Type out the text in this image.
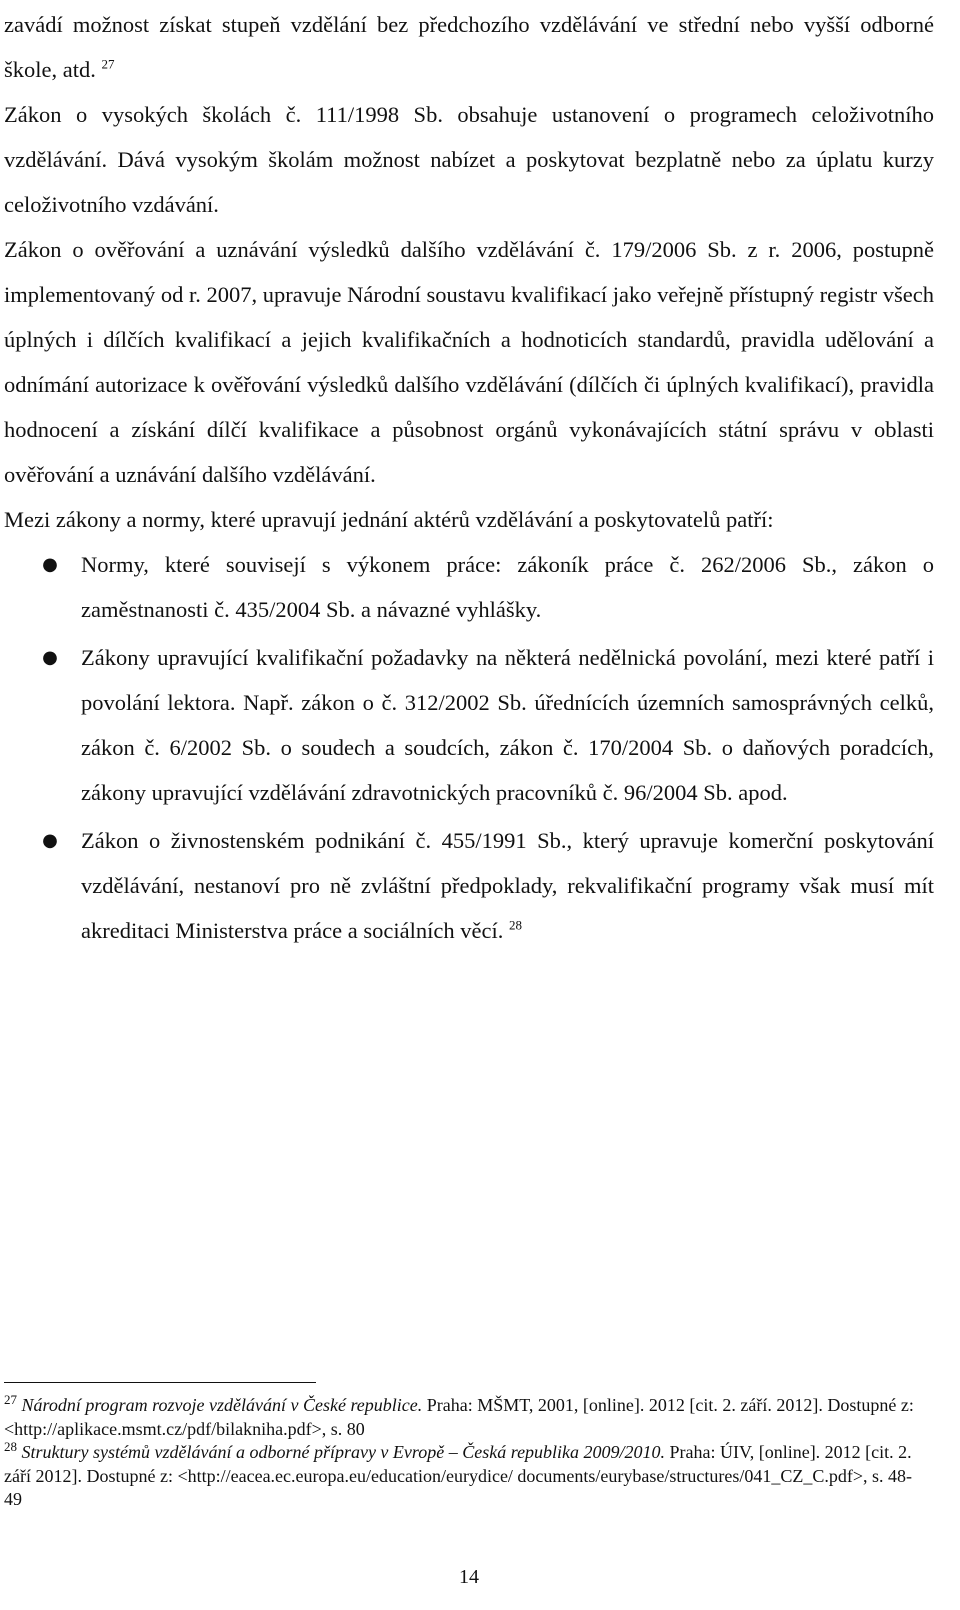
zavádí možnost získat stupeň vzdělání bez předchozího vzdělávání ve střední nebo vyšší odborné škole, atd. $^{27}$

Zákon o vysokých školách č. 111/1998 Sb. obsahuje ustanovení o programech celoživotního vzdělávání. Dává vysokým školám možnost nabízet a poskytovat bezplatně nebo za úplatu kurzy celoživotního vzdávání.

Zákon o ověřování a uznávání výsledků dalšího vzdělávání č. 179/2006 Sb. z r. 2006, postupně implementovaný od r. 2007, upravuje Národní soustavu kvalifikací jako veřejně přístupný registr všech úplných i dílčích kvalifikací a jejich kvalifikačních a hodnoticích standardů, pravidla udělování a odnímání autorizace k ověřování výsledků dalšího vzdělávání (dílčích či úplných kvalifikací), pravidla hodnocení a získání dílčí kvalifikace a působnost orgánů vykonávajících státní správu v oblasti ověřování a uznávání dalšího vzdělávání.

Mezi zákony a normy, které upravují jednání aktérů vzdělávání a poskytovatelů patří:

● Normy, které souvisejí s výkonem práce: zákoník práce č. 262/2006 Sb., zákon o zaměstnanosti č. 435/2004 Sb. a návazné vyhlášky.
● Zákony upravující kvalifikační požadavky na některá nedělnická povolání, mezi které patří i povolání lektora. Např. zákon o č. 312/2002 Sb. úřednících územních samosprávných celků, zákon č. 6/2002 Sb. o soudech a soudcích, zákon č. 170/2004 Sb. o daňových poradcích, zákony upravující vzdělávání zdravotnických pracovníků č. 96/2004 Sb. apod.
● Zákon o živnostenském podnikání č. 455/1991 Sb., který upravuje komerční poskytování vzdělávání, nestanoví pro ně zvláštní předpoklady, rekvalifikační programy však musí mít akreditaci Ministerstva práce a sociálních věcí. $^{28}$

$^{27}$ Národní program rozvoje vzdělávání v České republice. Praha: MŠMT, 2001, [online]. 2012 [cit. 2. září. 2012]. Dostupné z: <http://aplikace.msmt.cz/pdf/bilakniha.pdf>, s. 80

$^{28}$ Struktury systémů vzdělávání a odborné přípravy v Evropě – Česká republika 2009/2010. Praha: ÚIV, [online]. 2012 [cit. 2. září 2012]. Dostupné z: <http://eacea.ec.europa.eu/education/eurydice/ documents/eurybase/structures/041_CZ_C.pdf>, s. 48-49

14
